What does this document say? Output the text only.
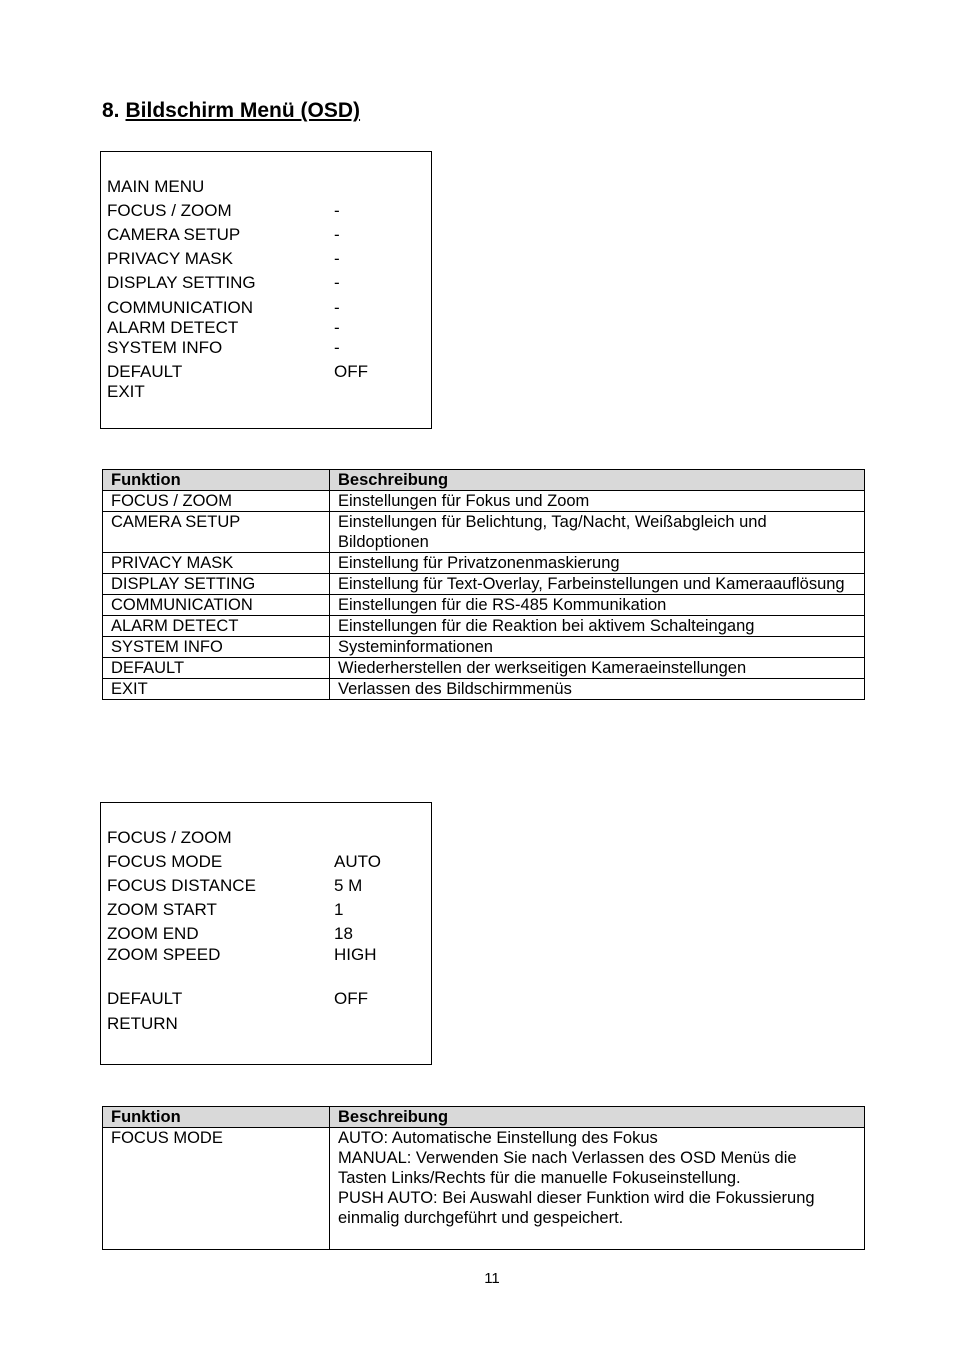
8. Bildschirm Menü (OSD)
MAIN MENU
FOCUS / ZOOM	-
CAMERA SETUP	-
PRIVACY MASK	-
DISPLAY SETTING	-
COMMUNICATION	-
ALARM DETECT	-
SYSTEM INFO	-
DEFAULT	OFF
EXIT
Funktion	Beschreibung
FOCUS / ZOOM	Einstellungen für Fokus und Zoom
CAMERA SETUP	Einstellungen für Belichtung, Tag/Nacht, Weißabgleich und Bildoptionen
PRIVACY MASK	Einstellung für Privatzonenmaskierung
DISPLAY SETTING	Einstellung für Text-Overlay, Farbeinstellungen und Kameraauflösung
COMMUNICATION	Einstellungen für die RS-485 Kommunikation
ALARM DETECT	Einstellungen für die Reaktion bei aktivem Schalteingang
SYSTEM INFO	Systeminformationen
DEFAULT	Wiederherstellen der werkseitigen Kameraeinstellungen
EXIT	Verlassen des Bildschirmmenüs
FOCUS / ZOOM
FOCUS MODE	AUTO
FOCUS DISTANCE	5 M
ZOOM START	1
ZOOM END	18
ZOOM SPEED	HIGH
DEFAULT	OFF
RETURN
Funktion	Beschreibung
FOCUS MODE	AUTO: Automatische Einstellung des Fokus
MANUAL: Verwenden Sie nach Verlassen des OSD Menüs die
Tasten Links/Rechts für die manuelle Fokuseinstellung.
PUSH AUTO: Bei Auswahl dieser Funktion wird die Fokussierung
einmalig durchgeführt und gespeichert.
11
